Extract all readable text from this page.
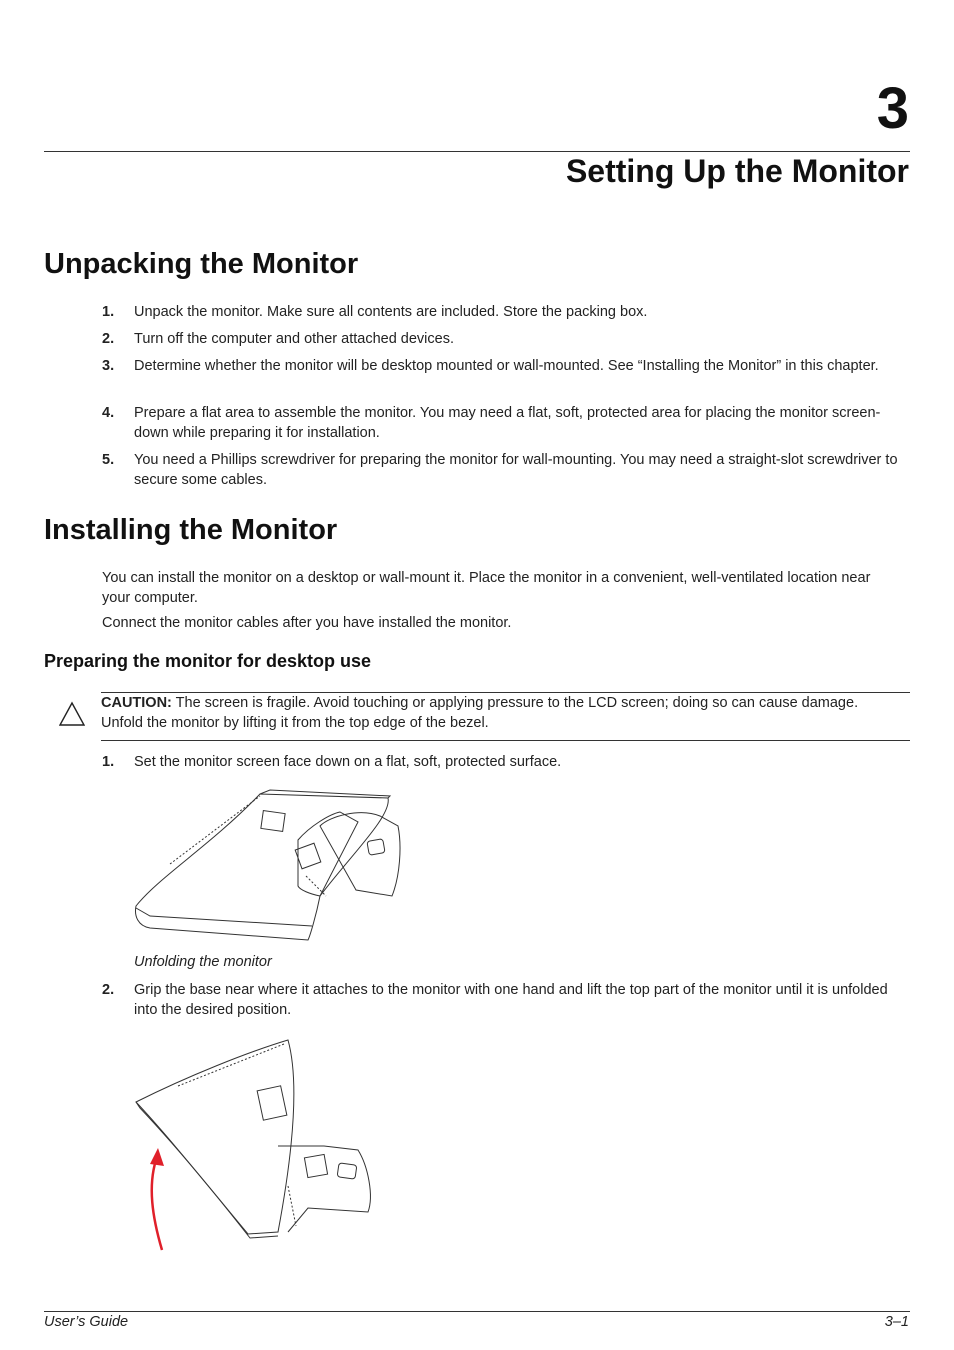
3
Setting Up the Monitor
Unpacking the Monitor
1. Unpack the monitor. Make sure all contents are included. Store the packing box.
2. Turn off the computer and other attached devices.
3. Determine whether the monitor will be desktop mounted or wall-mounted. See “Installing the Monitor” in this chapter.
4. Prepare a flat area to assemble the monitor. You may need a flat, soft, protected area for placing the monitor screen-down while preparing it for installation.
5. You need a Phillips screwdriver for preparing the monitor for wall-mounting. You may need a straight-slot screwdriver to secure some cables.
Installing the Monitor
You can install the monitor on a desktop or wall-mount it. Place the monitor in a convenient, well-ventilated location near your computer.
Connect the monitor cables after you have installed the monitor.
Preparing the monitor for desktop use
CAUTION: The screen is fragile. Avoid touching or applying pressure to the LCD screen; doing so can cause damage. Unfold the monitor by lifting it from the top edge of the bezel.
1. Set the monitor screen face down on a flat, soft, protected surface.
Unfolding the monitor
2. Grip the base near where it attaches to the monitor with one hand and lift the top part of the monitor until it is unfolded into the desired position.
User’s Guide	3–1
